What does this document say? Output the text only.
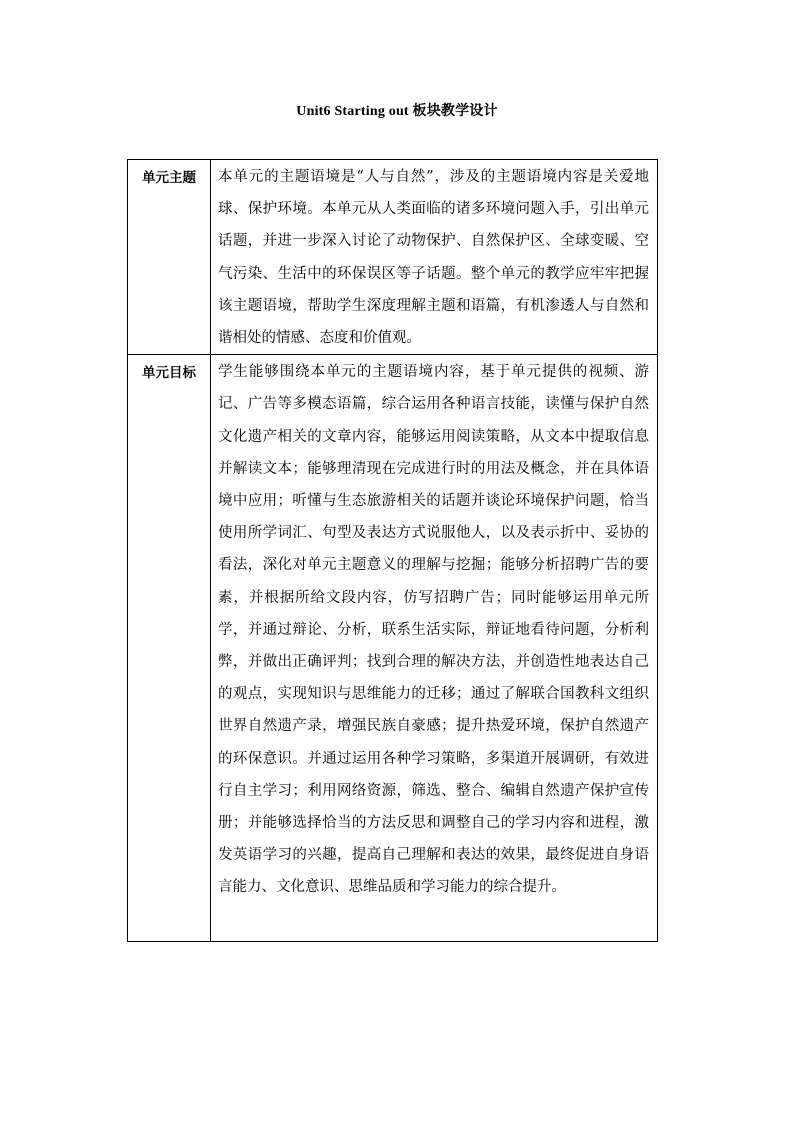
Unit6 Starting out 板块教学设计
单元主题	本单元的主题语境是“人与自然”，涉及的主题语境内容是关爱地球、保护环境。本单元从人类面临的诸多环境问题入手，引出单元话题，并进一步深入讨论了动物保护、自然保护区、全球变暖、空气污染、生活中的环保误区等子话题。整个单元的教学应牢牢把握该主题语境，帮助学生深度理解主题和语篇，有机渗透人与自然和谐相处的情感、态度和价值观。
单元目标	学生能够围绕本单元的主题语境内容，基于单元提供的视频、游记、广告等多模态语篇，综合运用各种语言技能，读懂与保护自然文化遗产相关的文章内容，能够运用阅读策略，从文本中提取信息并解读文本；能够理清现在完成进行时的用法及概念，并在具体语境中应用；听懂与生态旅游相关的话题并谈论环境保护问题，恰当使用所学词汇、句型及表达方式说服他人，以及表示折中、妥协的看法，深化对单元主题意义的理解与挖掘；能够分析招聘广告的要素，并根据所给文段内容，仿写招聘广告；同时能够运用单元所学，并通过辩论、分析，联系生活实际，辩证地看待问题，分析利弊，并做出正确评判；找到合理的解决方法，并创造性地表达自己的观点，实现知识与思维能力的迁移；通过了解联合国教科文组织世界自然遗产录，增强民族自豪感；提升热爱环境，保护自然遗产的环保意识。并通过运用各种学习策略，多渠道开展调研，有效进行自主学习；利用网络资源，筛选、整合、编辑自然遗产保护宣传册；并能够选择恰当的方法反思和调整自己的学习内容和进程，激发英语学习的兴趣，提高自己理解和表达的效果，最终促进自身语言能力、文化意识、思维品质和学习能力的综合提升。
